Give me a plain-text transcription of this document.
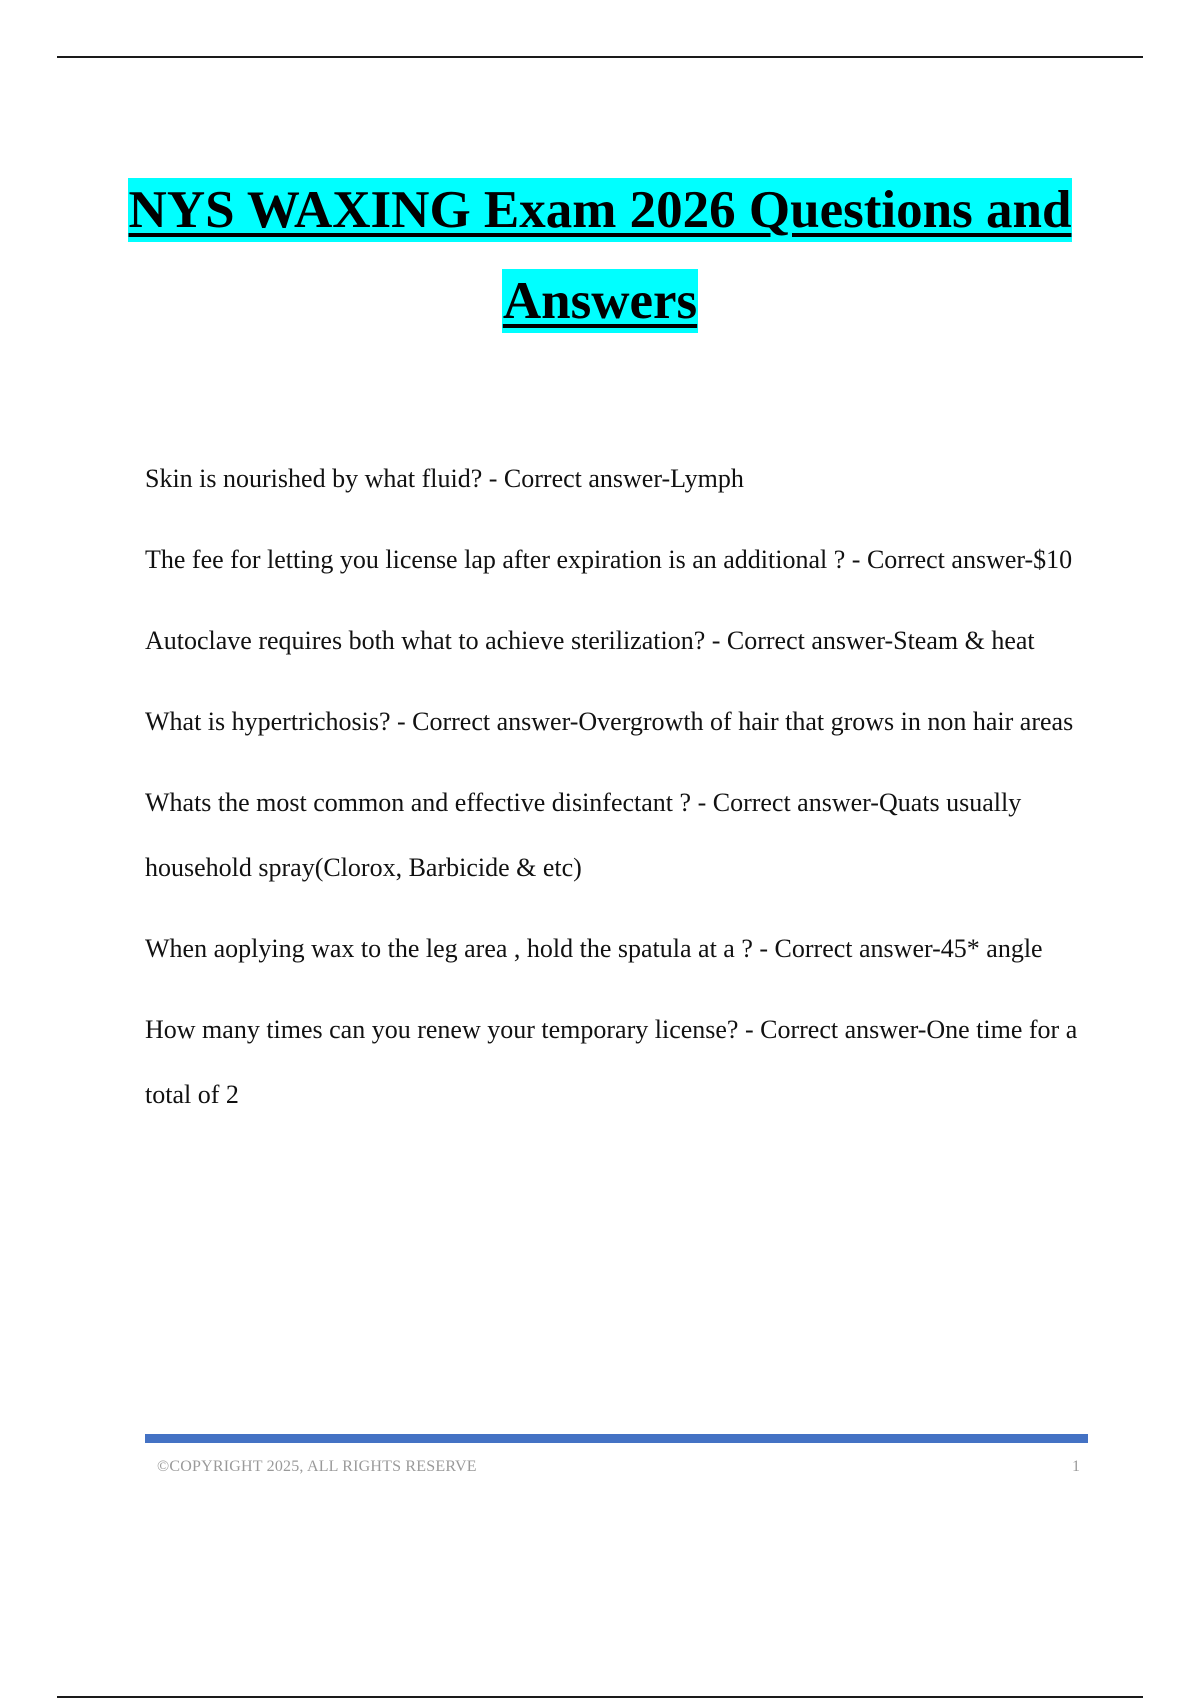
NYS WAXING Exam 2026 Questions and
Answers
Skin is nourished by what fluid? - Correct answer-Lymph
The fee for letting you license lap after expiration is an additional ? - Correct answer-$10
Autoclave requires both what to achieve sterilization? - Correct answer-Steam & heat
What is hypertrichosis? - Correct answer-Overgrowth of hair that grows in non hair areas
Whats the most common and effective disinfectant ? - Correct answer-Quats usually household spray(Clorox, Barbicide & etc)
When aoplying wax to the leg area , hold the spatula at a ? - Correct answer-45* angle
How many times can you renew your temporary license? - Correct answer-One time for a total of 2
©COPYRIGHT 2025, ALL RIGHTS RESERVE	1
